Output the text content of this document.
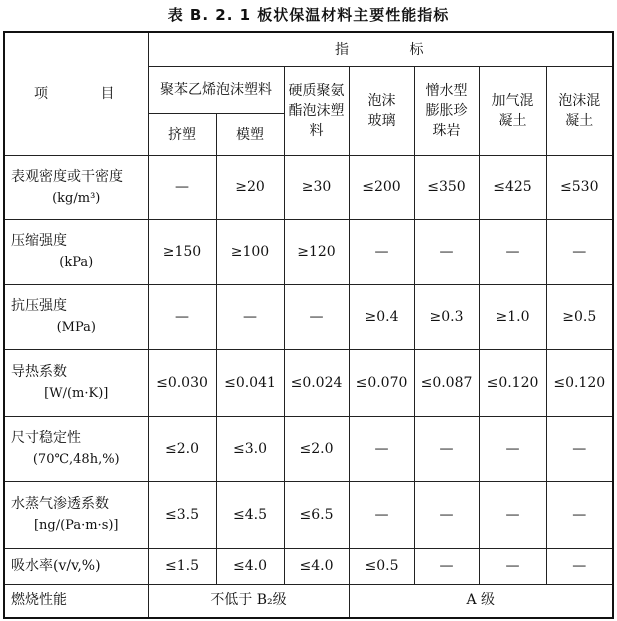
表 B. 2. 1 板状保温材料主要性能指标
项 目	指 标						
	聚苯乙烯泡沫塑料		硬质聚氨酯泡沫塑料	泡沫玻璃	憎水型膨胀珍珠岩	加气混凝土	泡沫混凝土

	挤塑	模塑					
表观密度或干密度
(kg/m³)	—	≥20	≥30	≤200	≤350	≤425	≤530
压缩强度
(kPa)	≥150	≥100	≥120	—	—	—	—
抗压强度
(MPa)	—	—	—	≥0.4	≥0.3	≥1.0	≥0.5
导热系数
[W/(m·K)]	≤0.030	≤0.041	≤0.024	≤0.070	≤0.087	≤0.120	≤0.120
尺寸稳定性
(70℃,48h,%)	≤2.0	≤3.0	≤2.0	—	—	—	—
水蒸气渗透系数
[ng/(Pa·m·s)]	≤3.5	≤4.5	≤6.5	—	—	—	—
吸水率(v/v,%)	≤1.5	≤4.0	≤4.0	≤0.5	—	—	—
燃烧性能	不低于 B₂级			A 级			
